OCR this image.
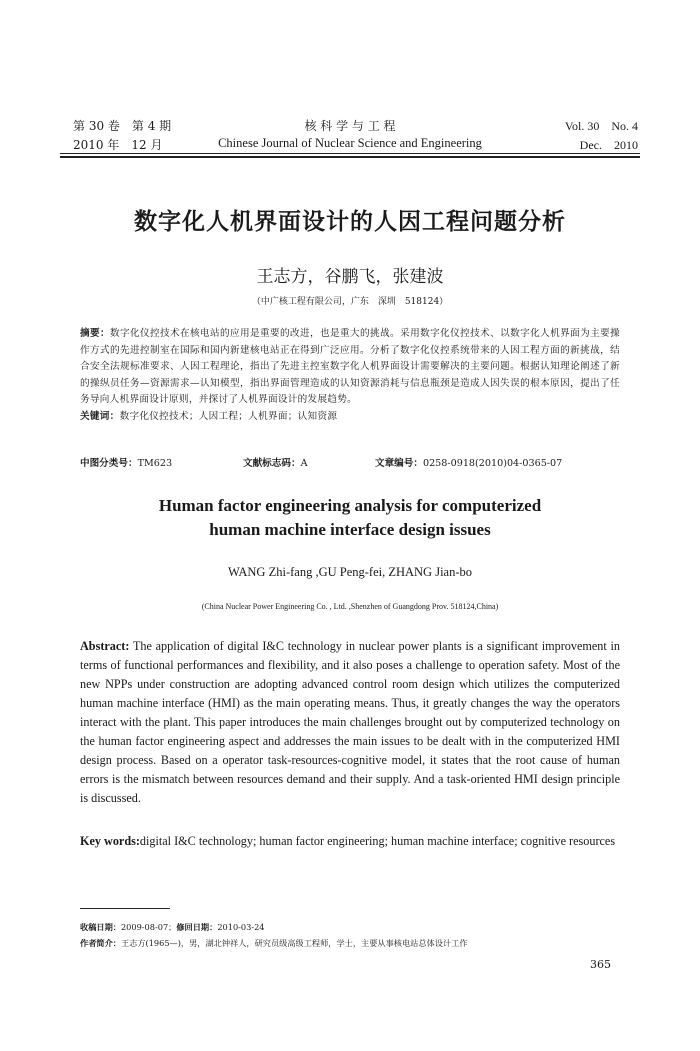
第 30 卷　第 4 期
2010 年　12 月
核 科 学 与 工 程
Chinese Journal of Nuclear Science and Engineering
Vol. 30　No. 4
Dec.　2010
数字化人机界面设计的人因工程问题分析
王志方，谷鹏飞，张建波
（中广核工程有限公司，广东　深圳　518124）
摘要：数字化仪控技术在核电站的应用是重要的改进，也是重大的挑战。采用数字化仪控技术、以数字化人机界面为主要操作方式的先进控制室在国际和国内新建核电站正在得到广泛应用。分析了数字化仪控系统带来的人因工程方面的新挑战，结合安全法规标准要求、人因工程理论，指出了先进主控室数字化人机界面设计需要解决的主要问题。根据认知理论阐述了新的操纵员任务—资源需求—认知模型，指出界面管理造成的认知资源消耗与信息瓶颈是造成人因失误的根本原因，提出了任务导向人机界面设计原则，并探讨了人机界面设计的发展趋势。
关键词：数字化仪控技术；人因工程；人机界面；认知资源
中图分类号：TM623	文献标志码：A	文章编号：0258-0918(2010)04-0365-07
Human factor engineering analysis for computerized
human machine interface design issues
WANG Zhi-fang ,GU Peng-fei, ZHANG Jian-bo
(China Nuclear Power Engineering Co. , Ltd. ,Shenzhen of Guangdong Prov. 518124,China)
Abstract: The application of digital I&C technology in nuclear power plants is a significant improvement in terms of functional performances and flexibility, and it also poses a challenge to operation safety. Most of the new NPPs under construction are adopting advanced control room design which utilizes the computerized human machine interface (HMI) as the main operating means. Thus, it greatly changes the way the operators interact with the plant. This paper introduces the main challenges brought out by computerized technology on the human factor engineering aspect and addresses the main issues to be dealt with in the computerized HMI design process. Based on a operator task-resources-cognitive model, it states that the root cause of human errors is the mismatch between resources demand and their supply. And a task-oriented HMI design principle is discussed.
Key words:digital I&C technology; human factor engineering; human machine interface; cognitive resources
收稿日期：2009-08-07；修回日期：2010-03-24
作者简介：王志方(1965—)，男，湖北钟祥人，研究员级高级工程师，学士，主要从事核电站总体设计工作
365
